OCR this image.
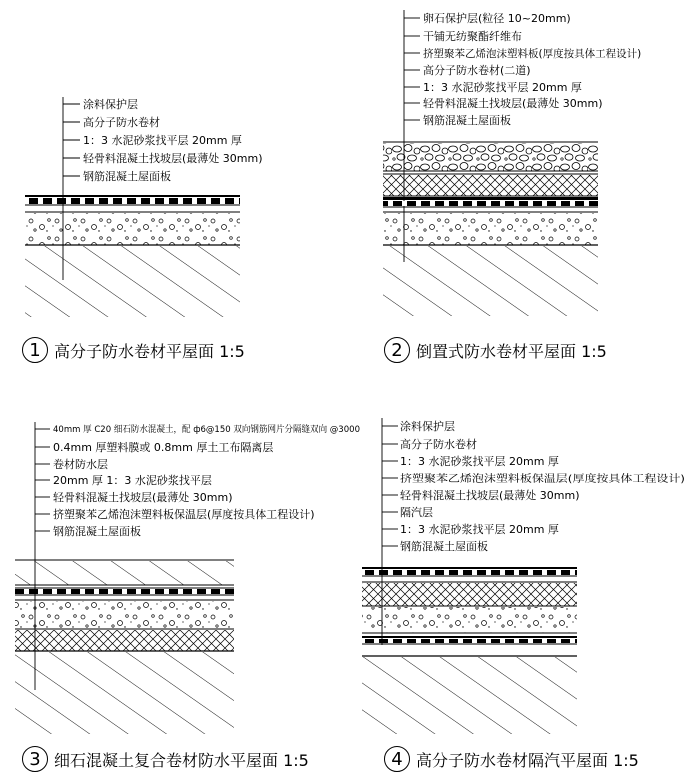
涂料保护层
高分子防水卷材
1：3 水泥砂浆找平层 20mm 厚
轻骨料混凝土找坡层(最薄处 30mm)
钢筋混凝土屋面板
卵石保护层(粒径 10~20mm)
干铺无纺聚酯纤维布
挤塑聚苯乙烯泡沫塑料板(厚度按具体工程设计)
高分子防水卷材(二道)
1：3 水泥砂浆找平层 20mm 厚
轻骨料混凝土找坡层(最薄处 30mm)
钢筋混凝土屋面板
40mm 厚 C20 细石防水混凝土，配 ф6@150 双向钢筋网片分隔缝双向 @3000
0.4mm 厚塑料膜或 0.8mm 厚土工布隔离层
卷材防水层
20mm 厚 1：3 水泥砂浆找平层
轻骨料混凝土找坡层(最薄处 30mm)
挤塑聚苯乙烯泡沫塑料板保温层(厚度按具体工程设计)
钢筋混凝土屋面板
涂料保护层
高分子防水卷材
1：3 水泥砂浆找平层 20mm 厚
挤塑聚苯乙烯泡沫塑料板保温层(厚度按具体工程设计)
轻骨料混凝土找坡层(最薄处 30mm)
隔汽层
1：3 水泥砂浆找平层 20mm 厚
钢筋混凝土屋面板
1 高分子防水卷材平屋面 1:5	2 倒置式防水卷材平屋面 1:5
3 细石混凝土复合卷材防水平屋面 1:5	4 高分子防水卷材隔汽平屋面 1:5
